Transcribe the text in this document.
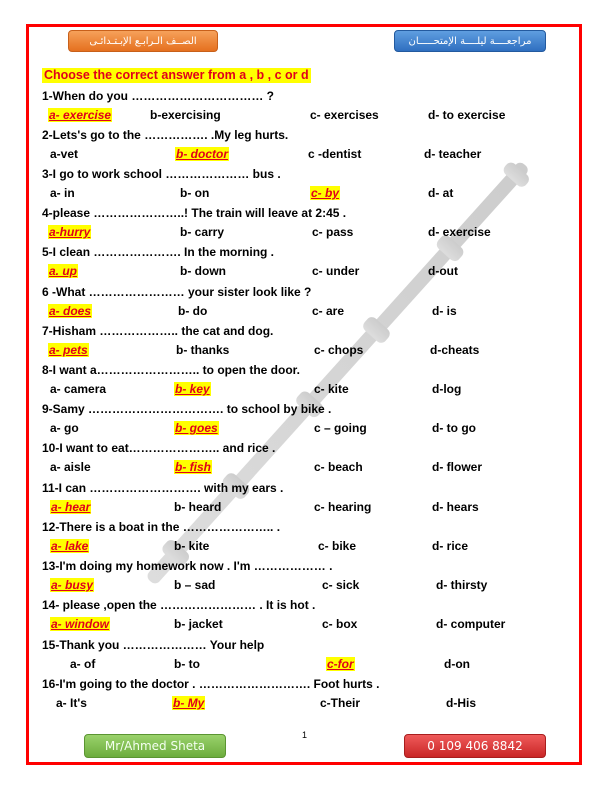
الصــف الـرابـع الإبـتـدائـى	مراجعــــة ليلــــة الإمتحـــــان
Choose the correct answer from a , b , c or d
1-When do you …………………………… ?
a- exercise	b-exercising	c- exercises	d- to exercise
2-Lets's go to the ……………. .My leg hurts.
a-vet	b- doctor	c -dentist	d- teacher
3-I go to work school ………………… bus .
a- in	b- on	c- by	d- at
4-please …………………..! The train will leave at 2:45 .
a-hurry	b- carry	c- pass	d- exercise
5-I clean …………………. In the morning .
a. up	b- down	c- under	d-out
6 -What …………………… your sister look like ?
a- does	b- do	c- are	d- is
7-Hisham ……………….. the cat and dog.
a- pets	b- thanks	c- chops	d-cheats
8-I want a…………………….. to open the door.
a- camera	b- key	c- kite	d-log
9-Samy ……………………………. to school by bike .
a- go	b- goes	c – going	d- to go
10-I want to eat………………….. and rice .
a- aisle	b- fish	c- beach	d- flower
11-I can ………………………. with my ears .
a- hear	b- heard	c- hearing	d- hears
12-There is a boat in the ………………….. .
a- lake	b- kite	c- bike	d- rice
13-I'm doing my homework now . I'm ……………… .
a- busy	b – sad	c- sick	d- thirsty
14- please ,open the …………………… . It is hot .
a- window	b- jacket	c- box	d- computer
15-Thank you ………………… Your help
a- of	b- to	c-for	d-on
16-I'm going to the doctor . ………………………. Foot hurts .
a- It's	b- My	c-Their	d-His
1
Mr/Ahmed Sheta	0 109 406 8842
